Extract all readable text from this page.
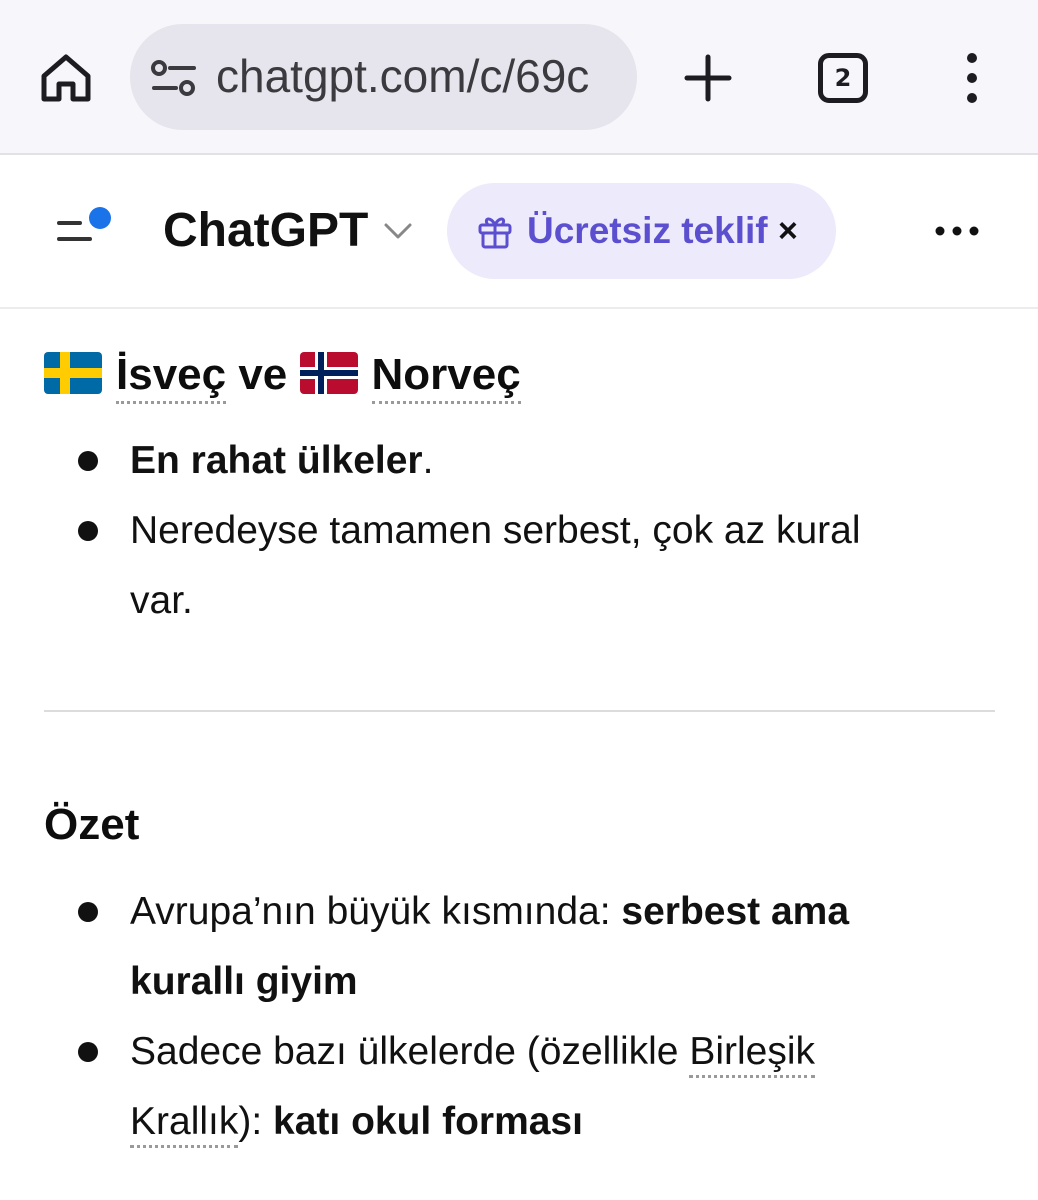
chatgpt.com/c/69c	2
ChatGPT	Ücretsiz teklif ×
İsveç ve Norveç
En rahat ülkeler.
Neredeyse tamamen serbest, çok az kural
var.
Özet
Avrupa’nın büyük kısmında: serbest ama
kurallı giyim
Sadece bazı ülkelerde (özellikle Birleşik
Krallık): katı okul forması
